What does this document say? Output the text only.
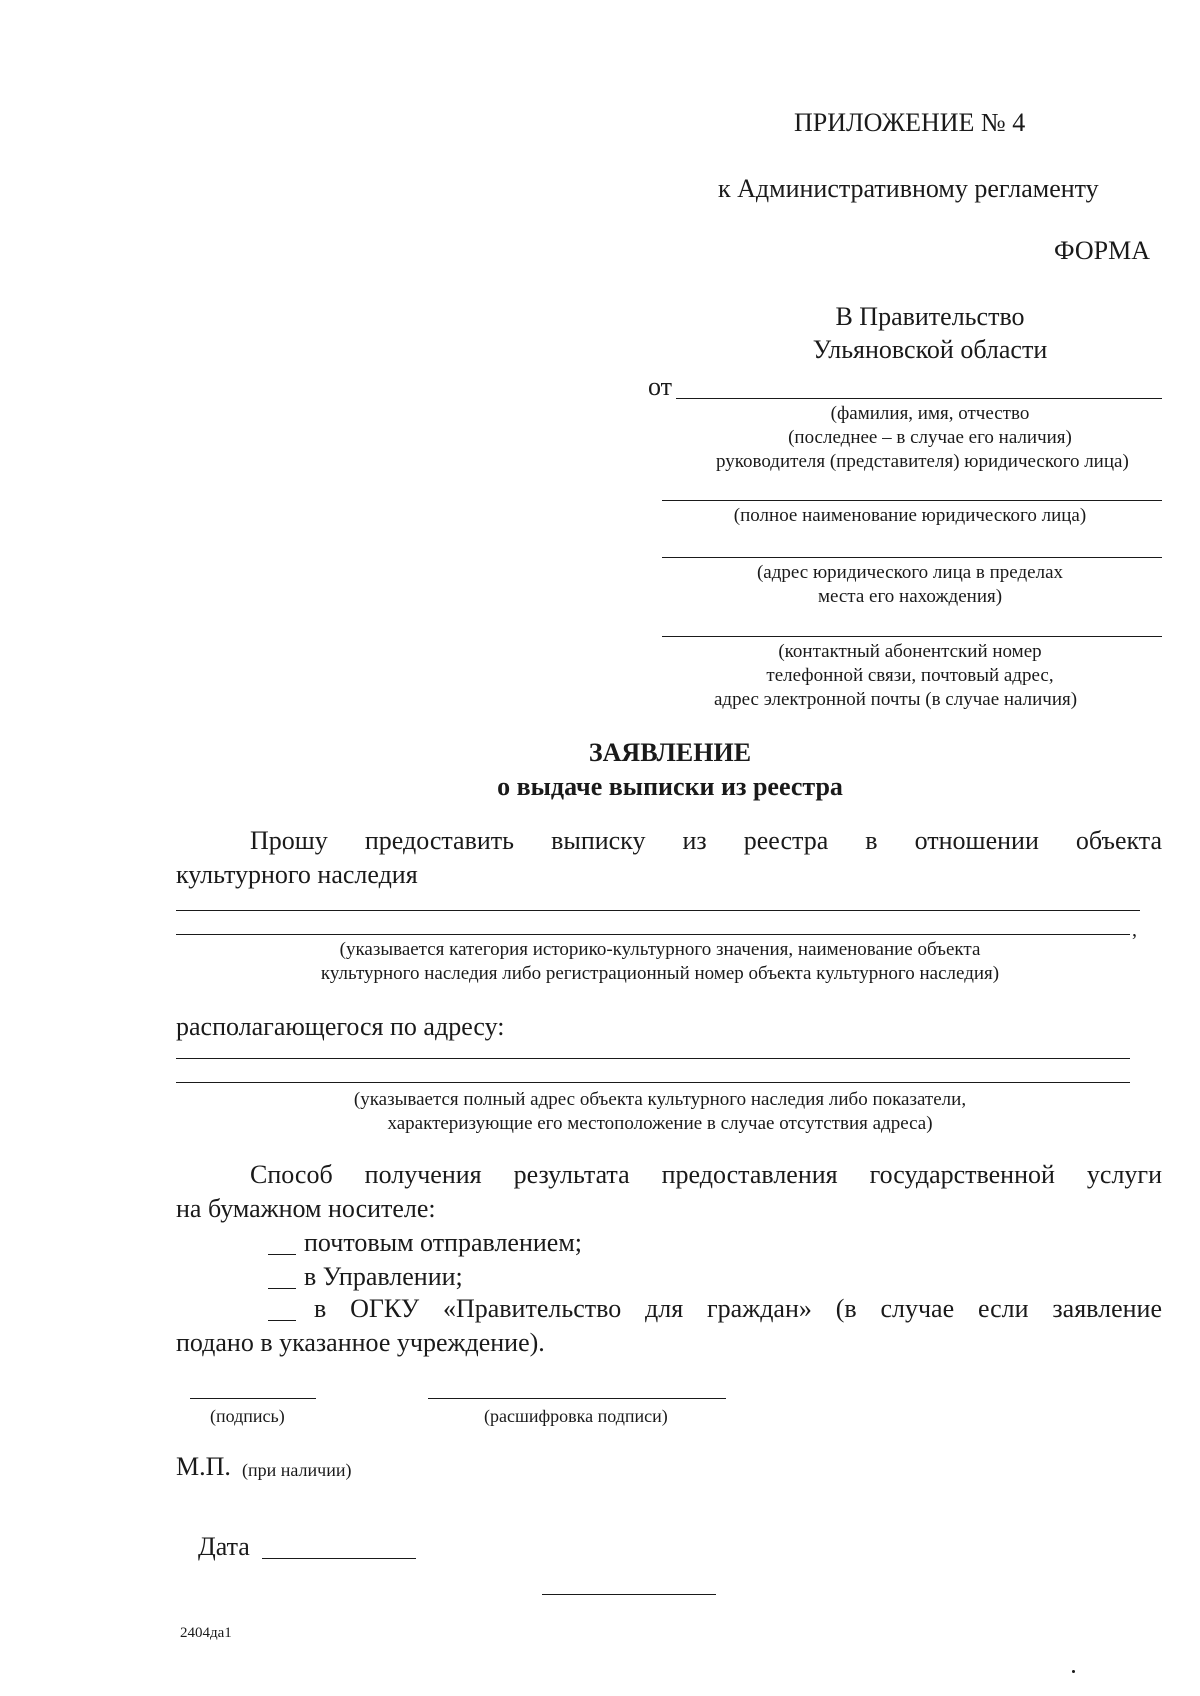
ПРИЛОЖЕНИЕ № 4
к Административному регламенту
ФОРМА
В Правительство
Ульяновской области
от
(фамилия, имя, отчество
(последнее – в случае его наличия)
руководителя (представителя) юридического лица)
(полное наименование юридического лица)
(адрес юридического лица в пределах
места его нахождения)
(контактный абонентский номер
телефонной связи, почтовый адрес,
адрес электронной почты (в случае наличия)
ЗАЯВЛЕНИЕ
о выдаче выписки из реестра
Прошу предоставить выписку из реестра в отношении объекта
культурного наследия
,
(указывается категория историко-культурного значения, наименование объекта
культурного наследия либо регистрационный номер объекта культурного наследия)
располагающегося по адресу:
(указывается полный адрес объекта культурного наследия либо показатели,
характеризующие его местоположение в случае отсутствия адреса)
Способ получения результата предоставления государственной услуги
на бумажном носителе:
почтовым отправлением;
в Управлении;
в ОГКУ «Правительство для граждан» (в случае если заявление
подано в указанное учреждение).
(подпись)	(расшифровка подписи)
М.П. (при наличии)
Дата
2404да1
